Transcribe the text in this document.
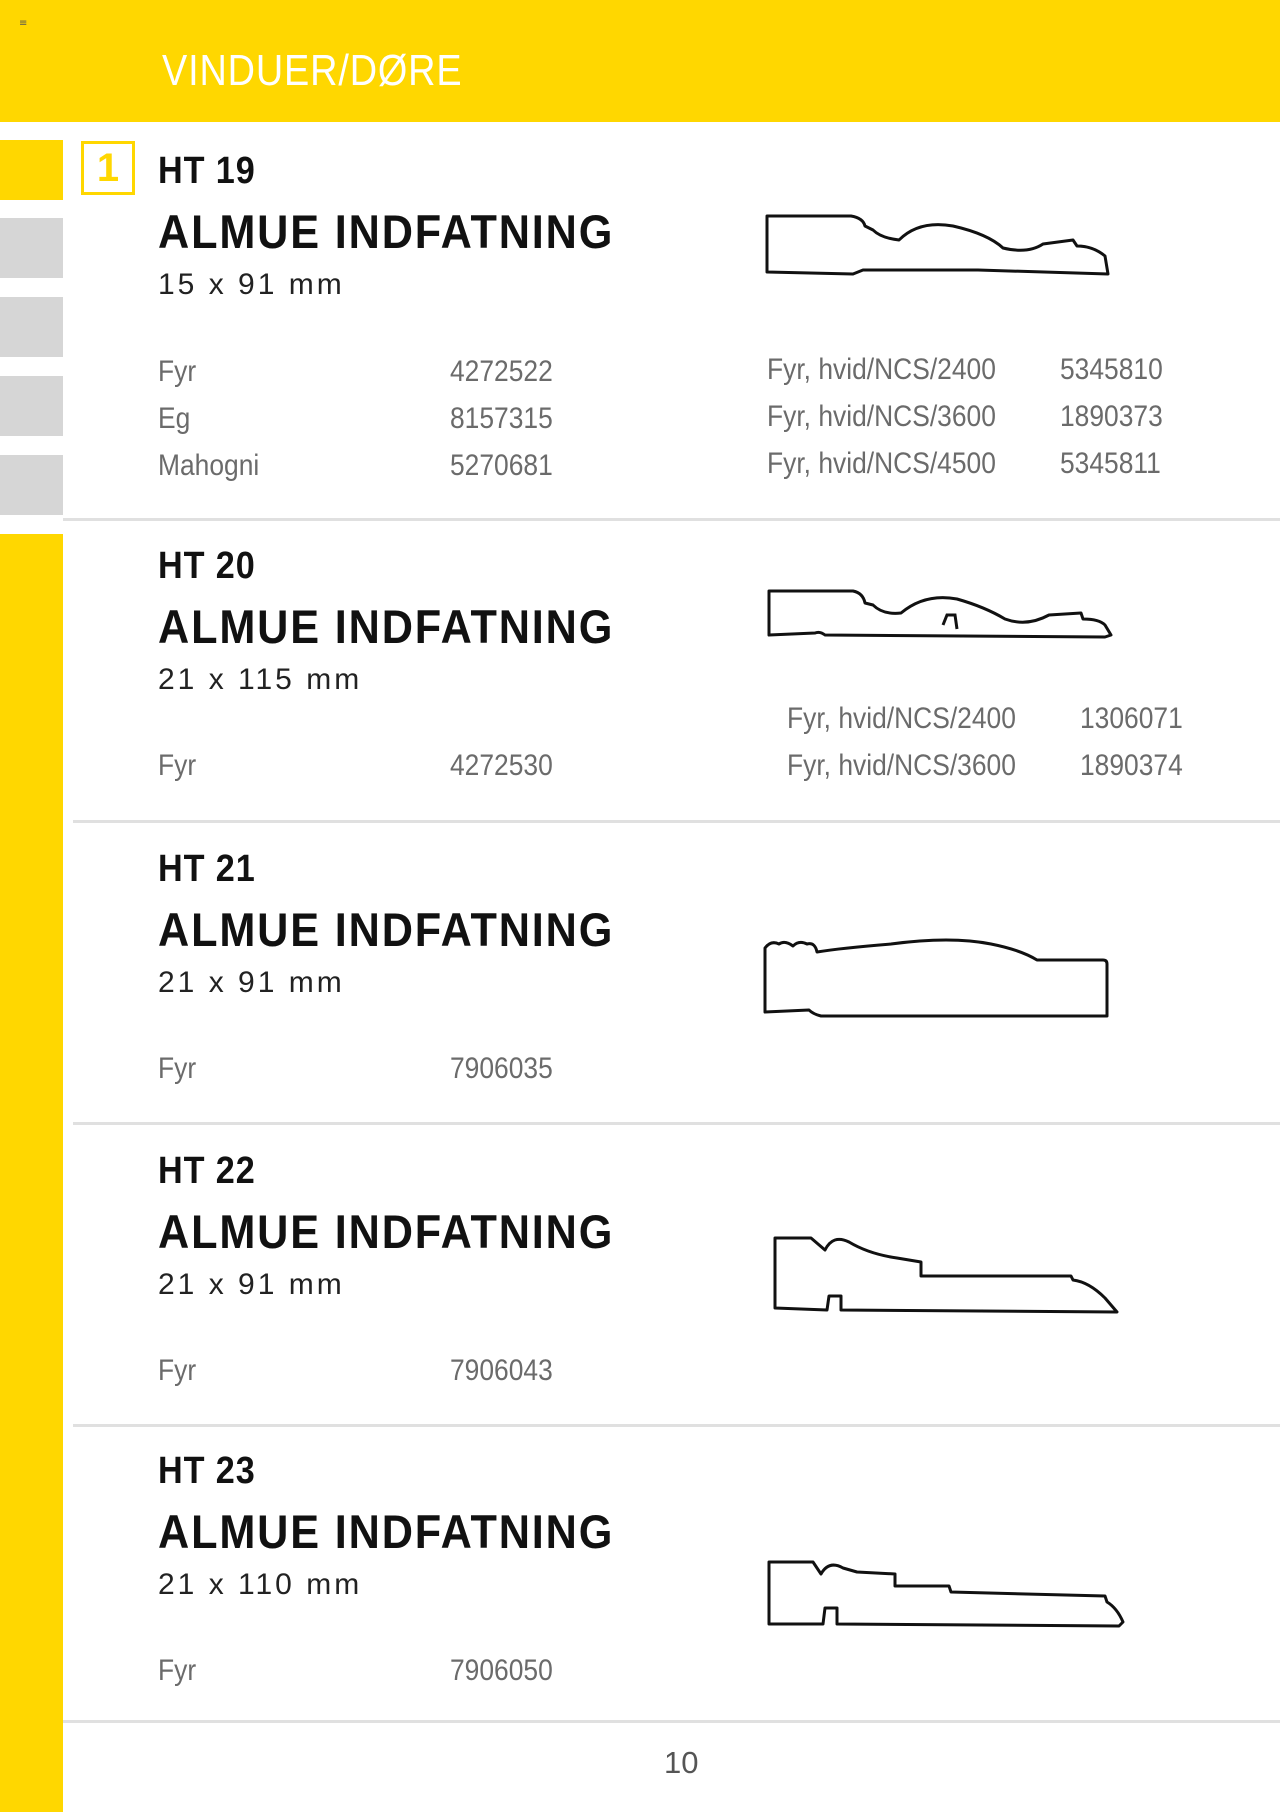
≡
VINDUER/DØRE
1	HT 19
ALMUE INDFATNING
15 x 91 mm
Fyr	4272522
Eg	8157315
Mahogni	5270681
Fyr, hvid/NCS/2400 5345810
Fyr, hvid/NCS/3600 1890373
Fyr, hvid/NCS/4500 5345811
HT 20
ALMUE INDFATNING
21 x 115 mm
Fyr	4272530
Fyr, hvid/NCS/2400 1306071
Fyr, hvid/NCS/3600 1890374
HT 21
ALMUE INDFATNING
21 x 91 mm
Fyr	7906035
HT 22
ALMUE INDFATNING
21 x 91 mm
Fyr	7906043
HT 23
ALMUE INDFATNING
21 x 110 mm
Fyr	7906050
10
